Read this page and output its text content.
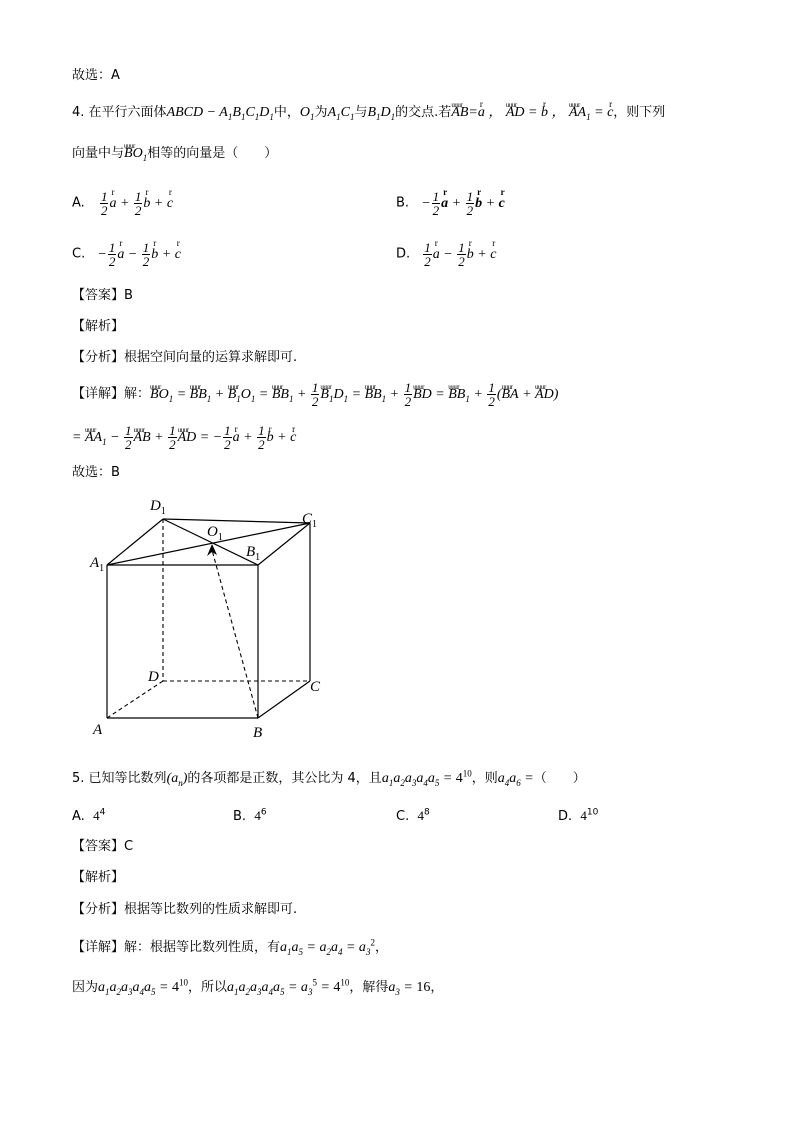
故选：A
4. 在平行六面体ABCD − $A_1B_1C_1D_1$中，$O_1$为$A_1C_1$与$B_1D_1$的交点.若uuur AB=r a ， uuur AD = r b ， uuur $AA_1 = r$ c，则下列
向量中与uuur $BO_1$相等的向量是（　　）
A. $\frac{1}{2}$ r $a + \frac{1}{2}$ r b + r c	B. − $\frac{1}{2}$ r $a + \frac{1}{2}$ r b + r c
C. − $\frac{1}{2}$ r $a - \frac{1}{2}$ r b + r c	D. $\frac{1}{2}$ r $a - \frac{1}{2}$ r b + r c
【答案】B
【解析】
【分析】根据空间向量的运算求解即可.
【详解】解：uuur $BO_1$ = uuur $BB_1$ + uuur $B_1O_1$ = uuur $BB_1 + \frac{1}{2}$ uuur $B_1D_1$ = uuur $BB_1 + \frac{1}{2}$ uuur BD = uuur $BB_1 + \frac{1}{2}$ (uuur BA + uuur AD)
= uuur $AA_1 - \frac{1}{2}$ uuur AB + $\frac{1}{2}$ uuur AD = − $\frac{1}{2}$ r $a + \frac{1}{2}$ r b + r c
故选：B
$D_1$	$C_1$
$A_1$
$B_1$
$O_1$
D
C
A	B
5. 已知等比数列$(a_n)$的各项都是正数，其公比为 4，且$a_1a_2a_3a_4a_5 = 4^{10}$，则$a_4a_6$ =（　　）
A. $4^4$	B. $4^6$	C. $4^8$	D. $4^{10}$
【答案】C
【解析】
【分析】根据等比数列的性质求解即可.
【详解】解：根据等比数列性质，有$a_1a_5 = a_2a_4 = a_3^2$，
因为$a_1a_2a_3a_4a_5 = 4^{10}$，所以$a_1a_2a_3a_4a_5 = a_3^5 = 4^{10}$，解得$a_3 = 16$，
